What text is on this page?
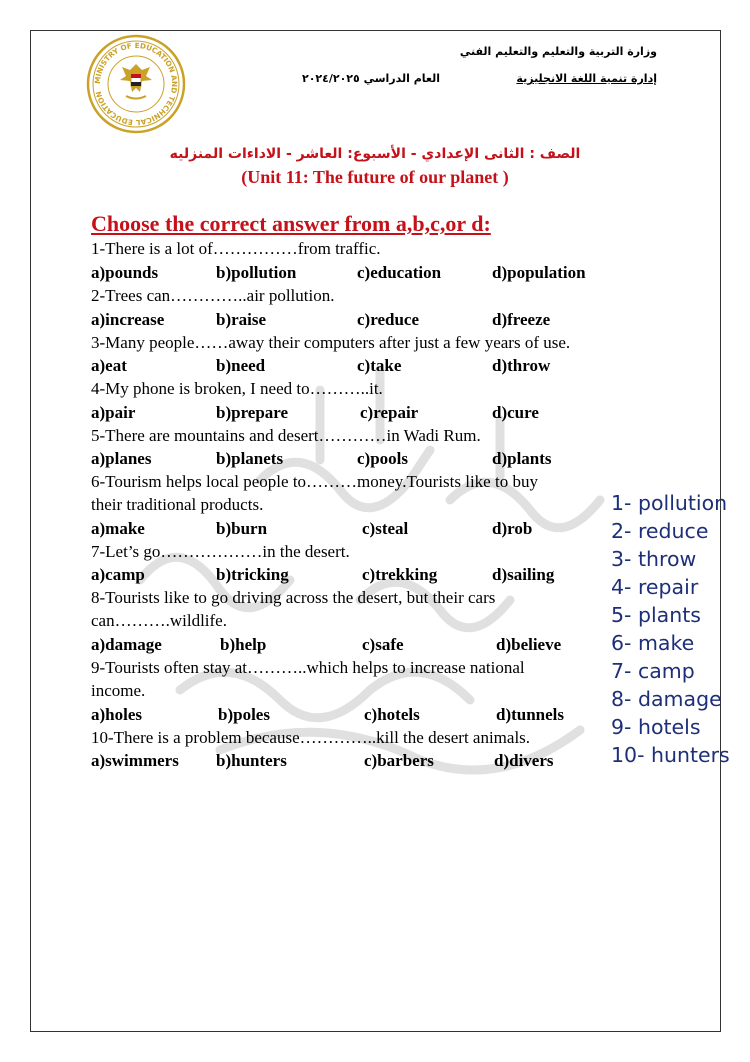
MINISTRY OF EDUCATION AND TECHNICAL EDUCATION
وزارة التربية والتعليم والتعليم الفني
إدارة تنمية اللغة الانجليزية
العام الدراسي ٢٠٢٤/٢٠٢٥
الصف : الثانى الإعدادي - الأسبوع: العاشر - الاداءات المنزليه
(Unit 11: The future of our planet )
Choose the correct answer from a,b,c,or d:
1-There is a lot of……………from traffic.
a)pounds	b)pollution	c)education	d)population
2-Trees can…………..air pollution.
a)increase	b)raise	c)reduce	d)freeze
3-Many people……away their computers after just a few years of use.
a)eat	b)need	c)take	d)throw
4-My phone is broken, I need to………..it.
a)pair	b)prepare	c)repair	d)cure
5-There are mountains and desert…………in Wadi Rum.
a)planes	b)planets	c)pools	d)plants
6-Tourism helps local people to………money.Tourists like to buy
their traditional products.
a)make	b)burn	c)steal	d)rob
7-Let’s go………………in the desert.
a)camp	b)tricking	c)trekking	d)sailing
8-Tourists like to go driving across the desert, but their cars
can……….wildlife.
a)damage	b)help	c)safe	d)believe
9-Tourists often stay at………..which helps to increase national
income.
a)holes	b)poles	c)hotels	d)tunnels
10-There is a problem because…………..kill the desert animals.
a)swimmers b)hunters	c)barbers	d)divers
1- pollution
2- reduce
3- throw
4- repair
5- plants
6- make
7- camp
8- damage
9- hotels
10- hunters
